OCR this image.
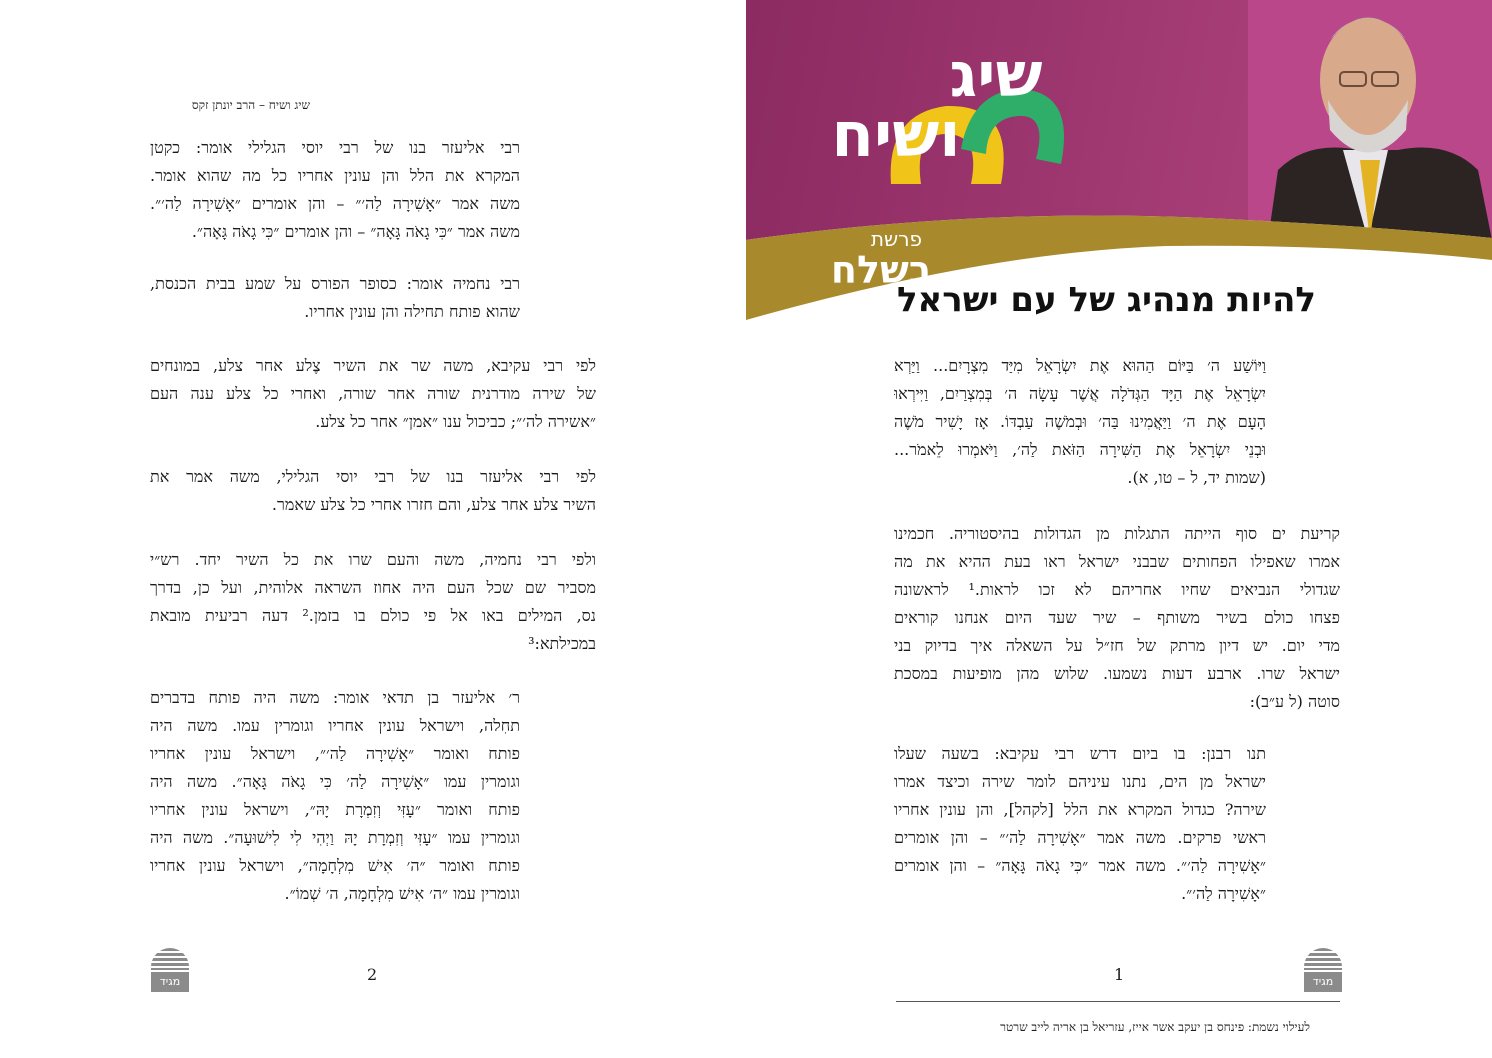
שיג ושיח – הרב יונתן זקס
רבי אליעזר בנו של רבי יוסי הגלילי אומר: כקטן
המקרא את הלל והן עונין אחריו כל מה שהוא אומר.
משה אמר ״אָשִׁירָה לַה׳״ – והן אומרים ״אָשִׁירָה לַה׳״.
משה אמר ״כִּי גָאֹה גָּאָה״ – והן אומרים ״כִּי גָאֹה גָּאָה״.
רבי נחמיה אומר: כסופר הפורס על שמע בבית הכנסת,
שהוא פותח תחילה והן עונין אחריו.
לפי רבי עקיבא, משה שר את השיר צֶלע אחר צלע, במונחים
של שירה מודרנית שורה אחר שורה, ואחרי כל צלע ענה העם
״אשירה לה׳״; כביכול ענו ״אמן״ אחר כל צלע.
לפי רבי אליעזר בנו של רבי יוסי הגלילי, משה אמר את
השיר צלע אחר צלע, והם חזרו אחרי כל צלע שאמר.
ולפי רבי נחמיה, משה והעם שרו את כל השיר יחד. רש״י
מסביר שם שכל העם היה אחוז השראה אלוהית, ועל כן, בדרך
נס, המילים באו אל פי כולם בו בזמן.² דעה רביעית מובאת
במכילתא:³
ר׳ אליעזר בן תדאי אומר: משה היה פותח בדברים
תחִלה, וישראל עונין אחריו וגומרין עמו. משה היה
פותח ואומר ״אָשִׁירָה לַה׳״, וישראל עונין אחריו
וגומרין עמו ״אָשִׁירָה לַה׳ כִּי גָאֹה גָּאָה״. משה היה
פותח ואומר ״עָזִּי וְזִמְרָת יָהּ״, וישראל עונין אחריו
וגומרין עמו ״עָזִּי וְזִמְרָת יָהּ וַיְהִי לִי לִישׁוּעָה״. משה היה
פותח ואומר ״ה׳ אִישׁ מִלְחָמָה״, וישראל עונין אחריו
וגומרין עמו ״ה׳ אִישׁ מִלְחָמָה, ה׳ שְׁמוֹ״.
מגיד	2
שיג
ושיח
פרשת
בשלח
להיות מנהיג של עם ישראל
וַיּוֹשַׁע ה׳ בַּיּוֹם הַהוּא אֶת יִשְׂרָאֵל מִיַּד מִצְרָיִם... וַיַּרְא
יִשְׂרָאֵל אֶת הַיָּד הַגְּדֹלָה אֲשֶׁר עָשָׂה ה׳ בְּמִצְרַיִם, וַיִּירְאוּ
הָעָם אֶת ה׳ וַיַּאֲמִינוּ בַּה׳ וּבְמֹשֶׁה עַבְדּוֹ. אָז יָשִׁיר מֹשֶׁה
וּבְנֵי יִשְׂרָאֵל אֶת הַשִּׁירָה הַזֹּאת לַה׳, וַיֹּאמְרוּ לֵאמֹר...
(שמות יד, ל – טו, א).
קריעת ים סוף הייתה התגלות מן הגדולות בהיסטוריה. חכמינו
אמרו שאפילו הפחותים שבבני ישראל ראו בעת ההיא את מה
שגדולי הנביאים שחיו אחריהם לא זכו לראות.¹ לראשונה
פצחו כולם בשיר משותף – שיר שעד היום אנחנו קוראים
מדי יום. יש דיון מרתק של חז״ל על השאלה איך בדיוק בני
ישראל שרו. ארבע דעות נשמעו. שלוש מהן מופיעות במסכת
סוטה (ל ע״ב):
תנו רבנן: בו ביום דרש רבי עקיבא: בשעה שעלו
ישראל מן הים, נתנו עיניהם לומר שירה וכיצד אמרו
שירה? כגדול המקרא את הלל [לקהל], והן עונין אחריו
ראשי פרקים. משה אמר ״אָשִׁירָה לַה׳״ – והן אומרים
״אָשִׁירָה לַה׳״. משה אמר ״כִּי גָאֹה גָּאָה״ – והן אומרים
״אָשִׁירָה לַה׳״.
1	מגיד
לעילוי נשמת: פינחס בן יעקב אשר אייז, עזריאל בן אריה לייב שרטר
